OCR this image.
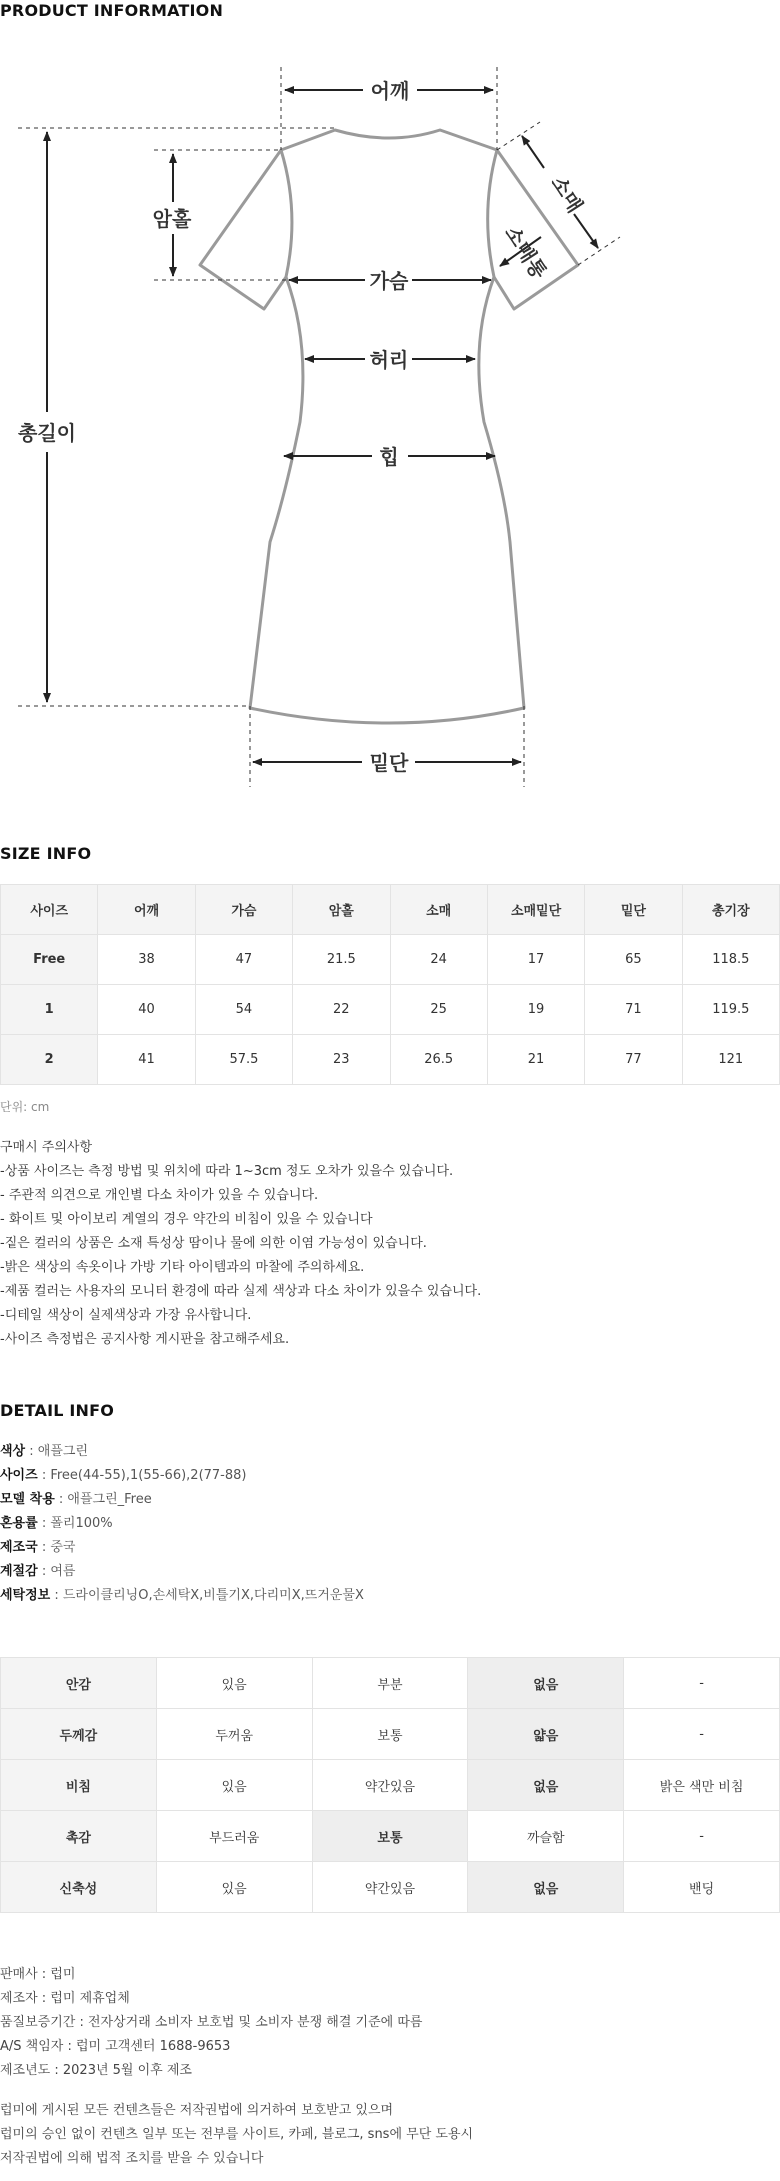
PRODUCT INFORMATION
어깨
총길이
암홀
가슴
허리
힙
밑단
소매
소매통
SIZE INFO
사이즈	어깨	가슴	암홀	소매	소매밑단	밑단	총기장
Free	38	47	21.5	24	17	65	118.5
1	40	54	22	25	19	71	119.5
2	41	57.5	23	26.5	21	77	121
단위: cm
구매시 주의사항
-상품 사이즈는 측정 방법 및 위치에 따라 1~3cm 정도 오차가 있을수 있습니다.
- 주관적 의견으로 개인별 다소 차이가 있을 수 있습니다.
- 화이트 및 아이보리 계열의 경우 약간의 비침이 있을 수 있습니다
-짙은 컬러의 상품은 소재 특성상 땀이나 물에 의한 이염 가능성이 있습니다.
-밝은 색상의 속옷이나 가방 기타 아이템과의 마찰에 주의하세요.
-제품 컬러는 사용자의 모니터 환경에 따라 실제 색상과 다소 차이가 있을수 있습니다.
-디테일 색상이 실제색상과 가장 유사합니다.
-사이즈 측정법은 공지사항 게시판을 참고해주세요.
DETAIL INFO
색상 : 애플그린
사이즈 : Free(44-55),1(55-66),2(77-88)
모델 착용 : 애플그린_Free
혼용률 : 폴리100%
제조국 : 중국
계절감 : 여름
세탁정보 : 드라이클리닝O,손세탁X,비틀기X,다리미X,뜨거운물X
안감	있음	부분	없음	-
두께감	두꺼움	보통	얇음	-
비침	있음	약간있음	없음	밝은 색만 비침
촉감	부드러움	보통	까슬함	-
신축성	있음	약간있음	없음	밴딩
판매사 : 럽미
제조자 : 럽미 제휴업체
품질보증기간 : 전자상거래 소비자 보호법 및 소비자 분쟁 해결 기준에 따름
A/S 책임자 : 럽미 고객센터 1688-9653
제조년도 : 2023년 5월 이후 제조
럽미에 게시된 모든 컨텐츠들은 저작권법에 의거하여 보호받고 있으며
럽미의 승인 없이 컨텐츠 일부 또는 전부를 사이트, 카페, 블로그, sns에 무단 도용시
저작권법에 의해 법적 조치를 받을 수 있습니다
